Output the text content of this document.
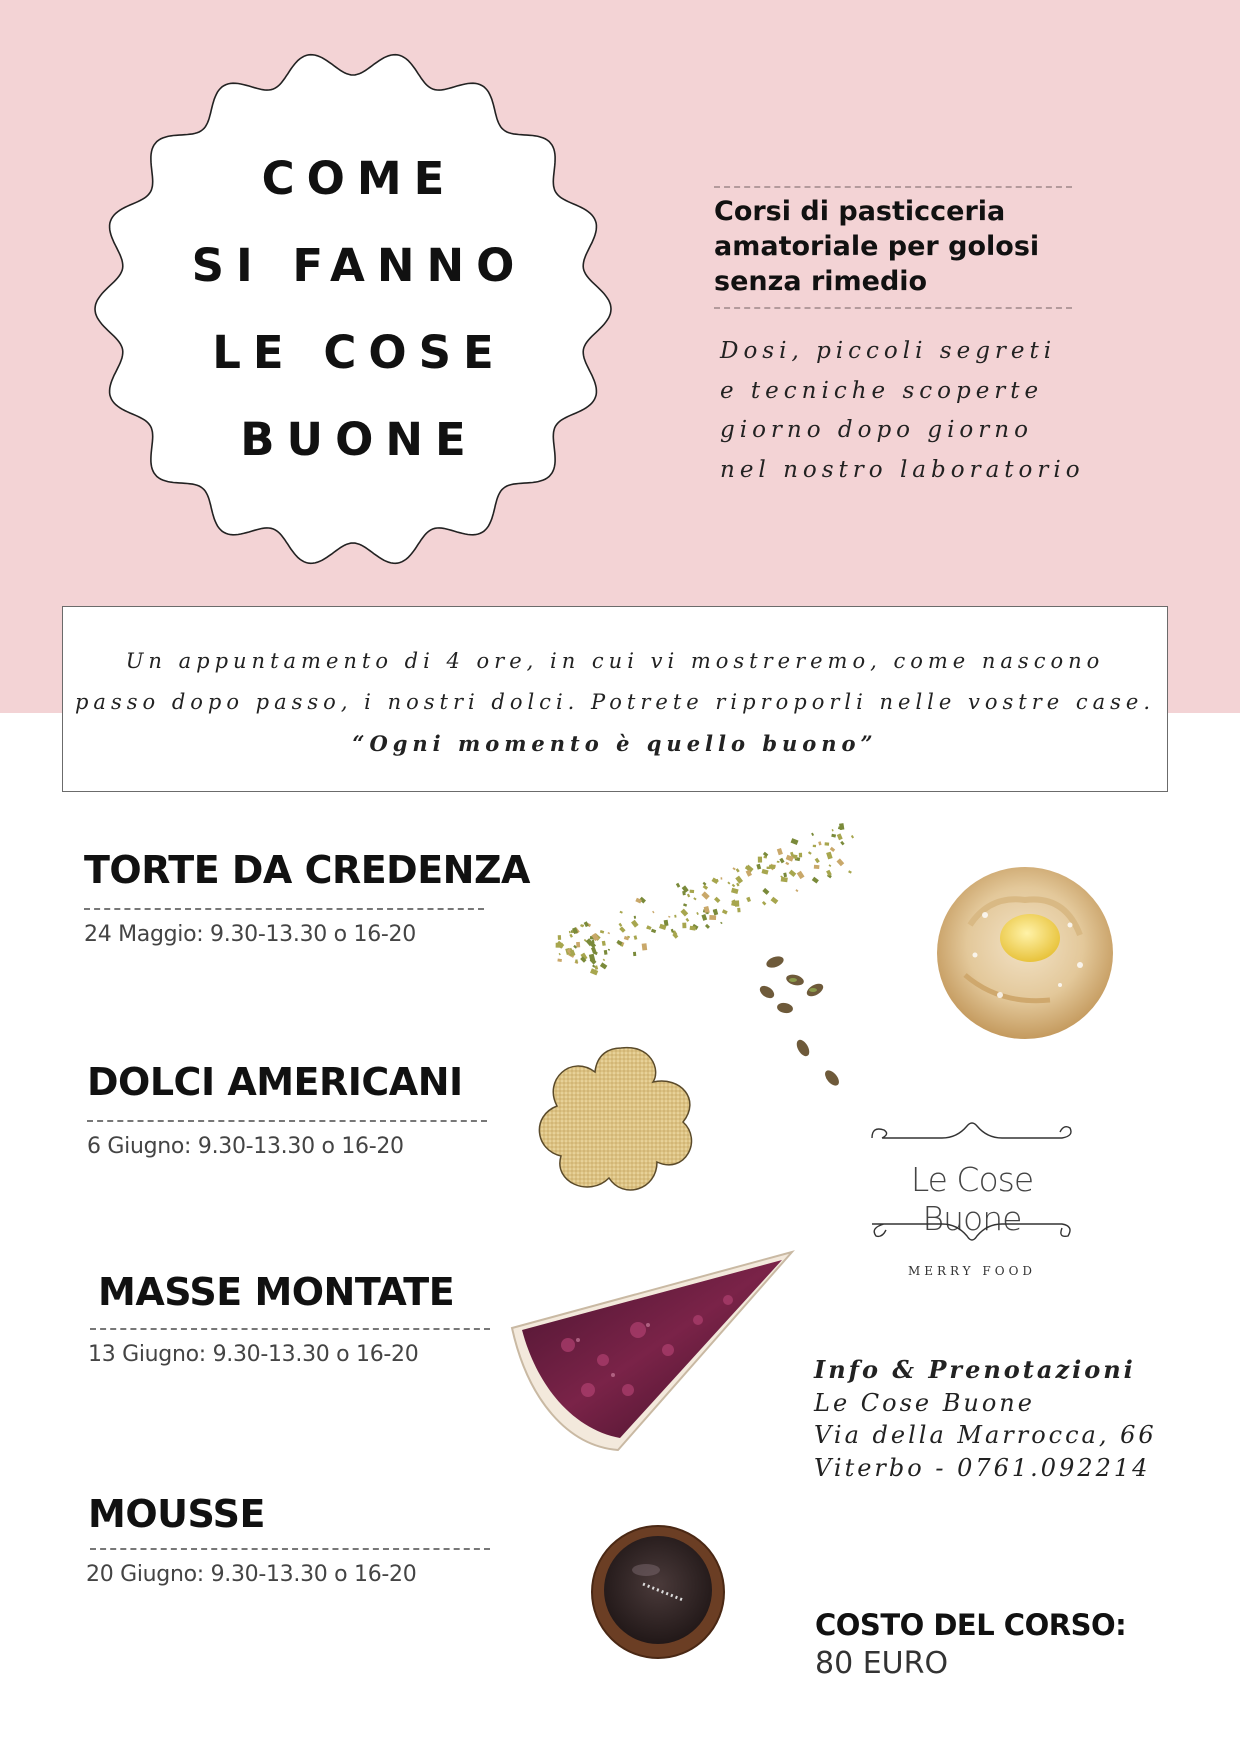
COME
SI FANNO
LE COSE
BUONE
Corsi di pasticceria
amatoriale per golosi
senza rimedio
Dosi, piccoli segreti
e tecniche scoperte
giorno dopo giorno
nel nostro laboratorio
Un appuntamento di 4 ore, in cui vi mostreremo, come nascono
passo dopo passo, i nostri dolci. Potrete riproporli nelle vostre case.
“Ogni momento è quello buono”
TORTE DA CREDENZA
24 Maggio: 9.30-13.30 o 16-20
DOLCI AMERICANI
6 Giugno: 9.30-13.30 o 16-20
MASSE MONTATE
13 Giugno: 9.30-13.30 o 16-20
MOUSSE
20 Giugno: 9.30-13.30 o 16-20
Le Cose Buone
MERRY FOOD
Info & Prenotazioni
Le Cose Buone
Via della Marrocca, 66
Viterbo - 0761.092214
COSTO DEL CORSO:
80 EURO
